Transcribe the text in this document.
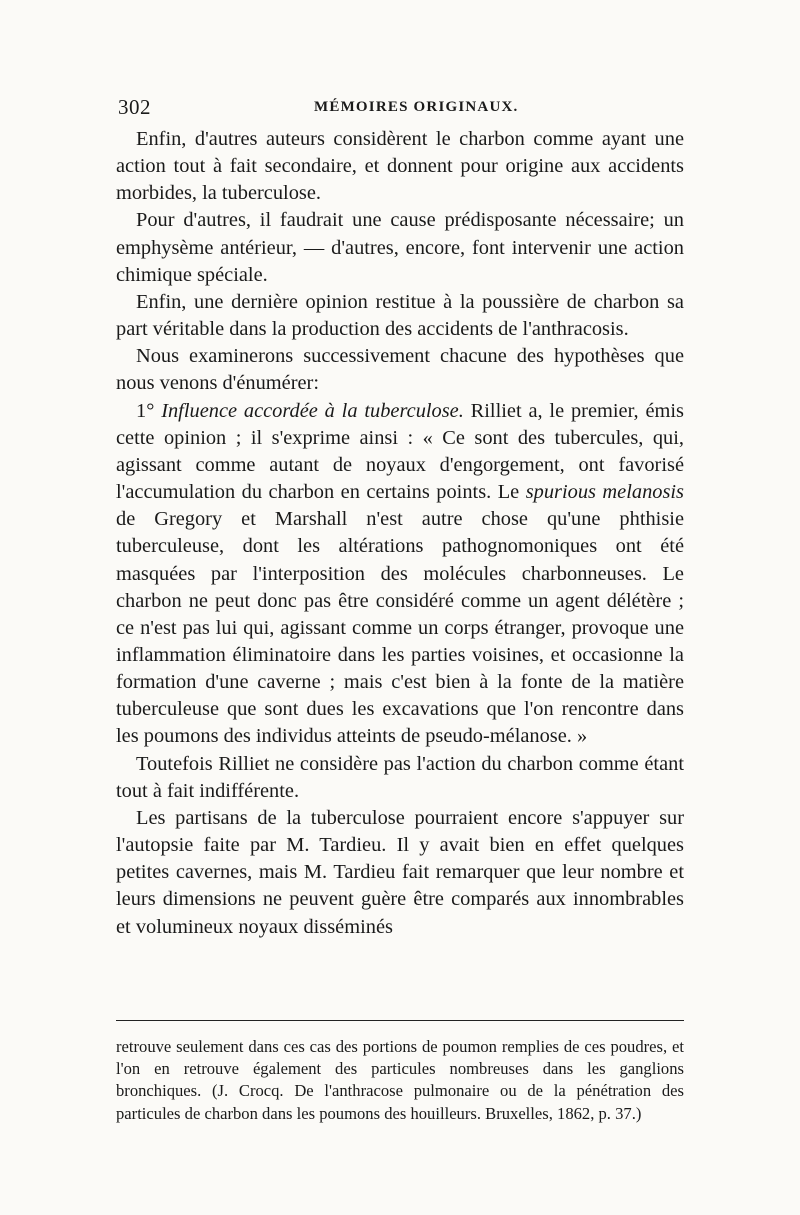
302	MÉMOIRES ORIGINAUX.

Enfin, d'autres auteurs considèrent le charbon comme ayant une action tout à fait secondaire, et donnent pour origine aux accidents morbides, la tuberculose.

Pour d'autres, il faudrait une cause prédisposante nécessaire; un emphysème antérieur, — d'autres, encore, font intervenir une action chimique spéciale.

Enfin, une dernière opinion restitue à la poussière de charbon sa part véritable dans la production des accidents de l'anthracosis.

Nous examinerons successivement chacune des hypothèses que nous venons d'énumérer:

1° Influence accordée à la tuberculose. Rilliet a, le premier, émis cette opinion ; il s'exprime ainsi : « Ce sont des tubercules, qui, agissant comme autant de noyaux d'engorgement, ont favorisé l'accumulation du charbon en certains points. Le spurious melanosis de Gregory et Marshall n'est autre chose qu'une phthisie tuberculeuse, dont les altérations pathognomoniques ont été masquées par l'interposition des molécules charbonneuses. Le charbon ne peut donc pas être considéré comme un agent délétère ; ce n'est pas lui qui, agissant comme un corps étranger, provoque une inflammation éliminatoire dans les parties voisines, et occasionne la formation d'une caverne ; mais c'est bien à la fonte de la matière tuberculeuse que sont dues les excavations que l'on rencontre dans les poumons des individus atteints de pseudo-mélanose. »

Toutefois Rilliet ne considère pas l'action du charbon comme étant tout à fait indifférente.

Les partisans de la tuberculose pourraient encore s'appuyer sur l'autopsie faite par M. Tardieu. Il y avait bien en effet quelques petites cavernes, mais M. Tardieu fait remarquer que leur nombre et leurs dimensions ne peuvent guère être comparés aux innombrables et volumineux noyaux disséminés

retrouve seulement dans ces cas des portions de poumon remplies de ces poudres, et l'on en retrouve également des particules nombreuses dans les ganglions bronchiques. (J. Crocq. De l'anthracose pulmonaire ou de la pénétration des particules de charbon dans les poumons des houilleurs. Bruxelles, 1862, p. 37.)
